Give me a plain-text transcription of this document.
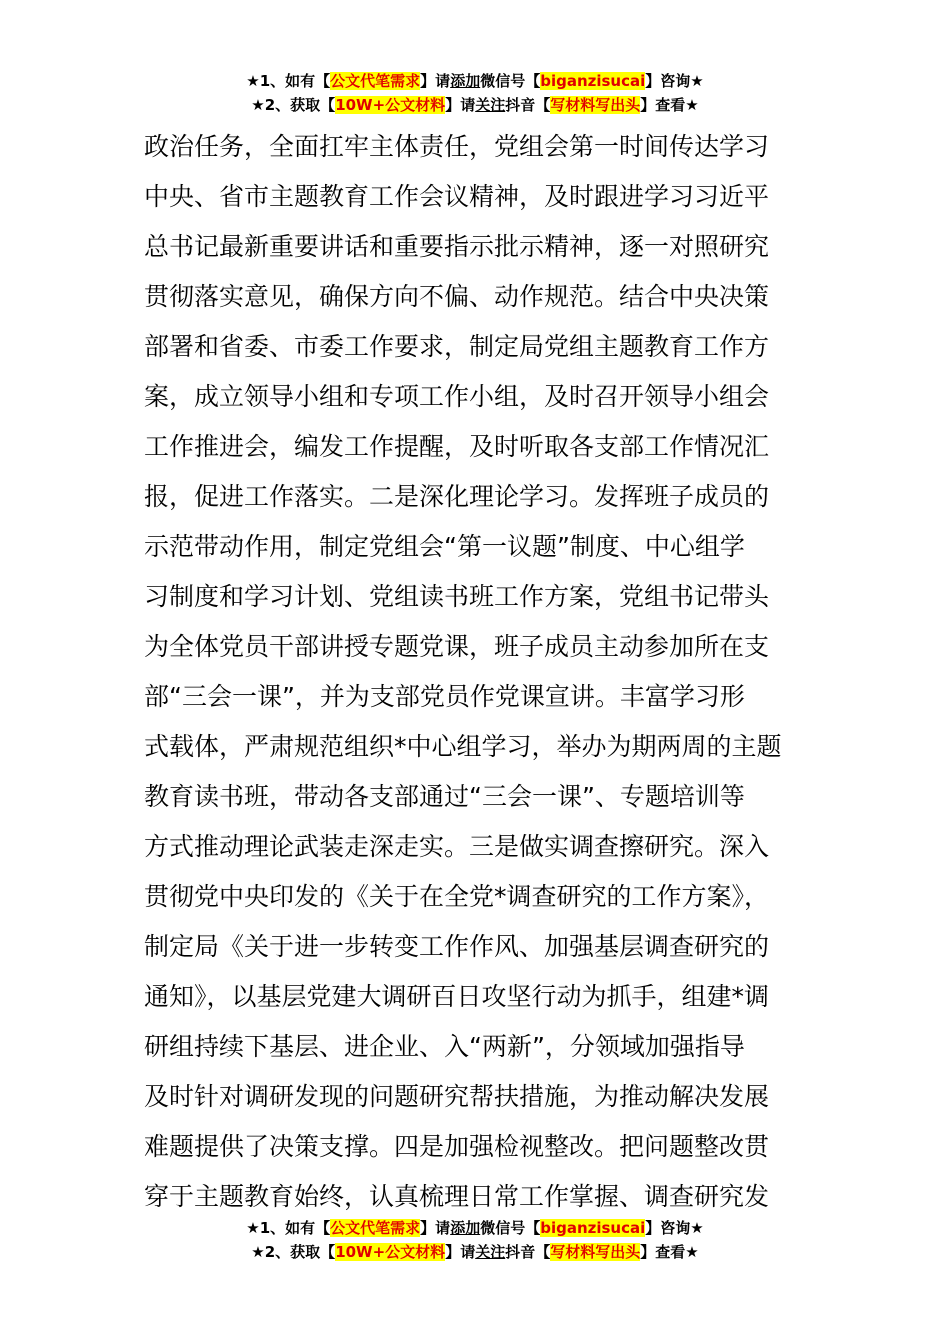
★1、如有【公文代笔需求】请添加微信号【biganzisucai】咨询★
★2、获取【10W+公文材料】请关注抖音【写材料写出头】查看★
政治任务，全面扛牢主体责任，党组会第一时间传达学习
中央、省市主题教育工作会议精神，及时跟进学习习近平
总书记最新重要讲话和重要指示批示精神，逐一对照研究
贯彻落实意见，确保方向不偏、动作规范。结合中央决策
部署和省委、市委工作要求，制定局党组主题教育工作方
案，成立领导小组和专项工作小组，及时召开领导小组会
工作推进会，编发工作提醒，及时听取各支部工作情况汇
报，促进工作落实。二是深化理论学习。发挥班子成员的
示范带动作用，制定党组会“第一议题”制度、中心组学
习制度和学习计划、党组读书班工作方案，党组书记带头
为全体党员干部讲授专题党课，班子成员主动参加所在支
部“三会一课”，并为支部党员作党课宣讲。丰富学习形
式载体，严肃规范组织*中心组学习，举办为期两周的主题
教育读书班，带动各支部通过“三会一课”、专题培训等
方式推动理论武装走深走实。三是做实调查擦研究。深入
贯彻党中央印发的《关于在全党*调查研究的工作方案》，
制定局《关于进一步转变工作作风、加强基层调查研究的
通知》，以基层党建大调研百日攻坚行动为抓手，组建*调
研组持续下基层、进企业、入“两新”，分领域加强指导
及时针对调研发现的问题研究帮扶措施，为推动解决发展
难题提供了决策支撑。四是加强检视整改。把问题整改贯
穿于主题教育始终，认真梳理日常工作掌握、调查研究发
★1、如有【公文代笔需求】请添加微信号【biganzisucai】咨询★
★2、获取【10W+公文材料】请关注抖音【写材料写出头】查看★
